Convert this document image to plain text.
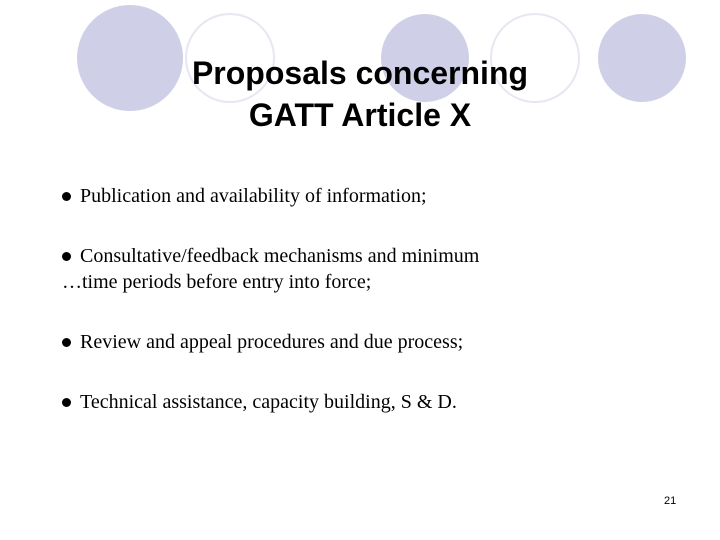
Proposals concerning
GATT Article X
Publication and availability of information;
Consultative/feedback mechanisms and minimum
…time periods before entry into force;
Review and appeal procedures and due process;
Technical assistance, capacity building, S & D.
21
